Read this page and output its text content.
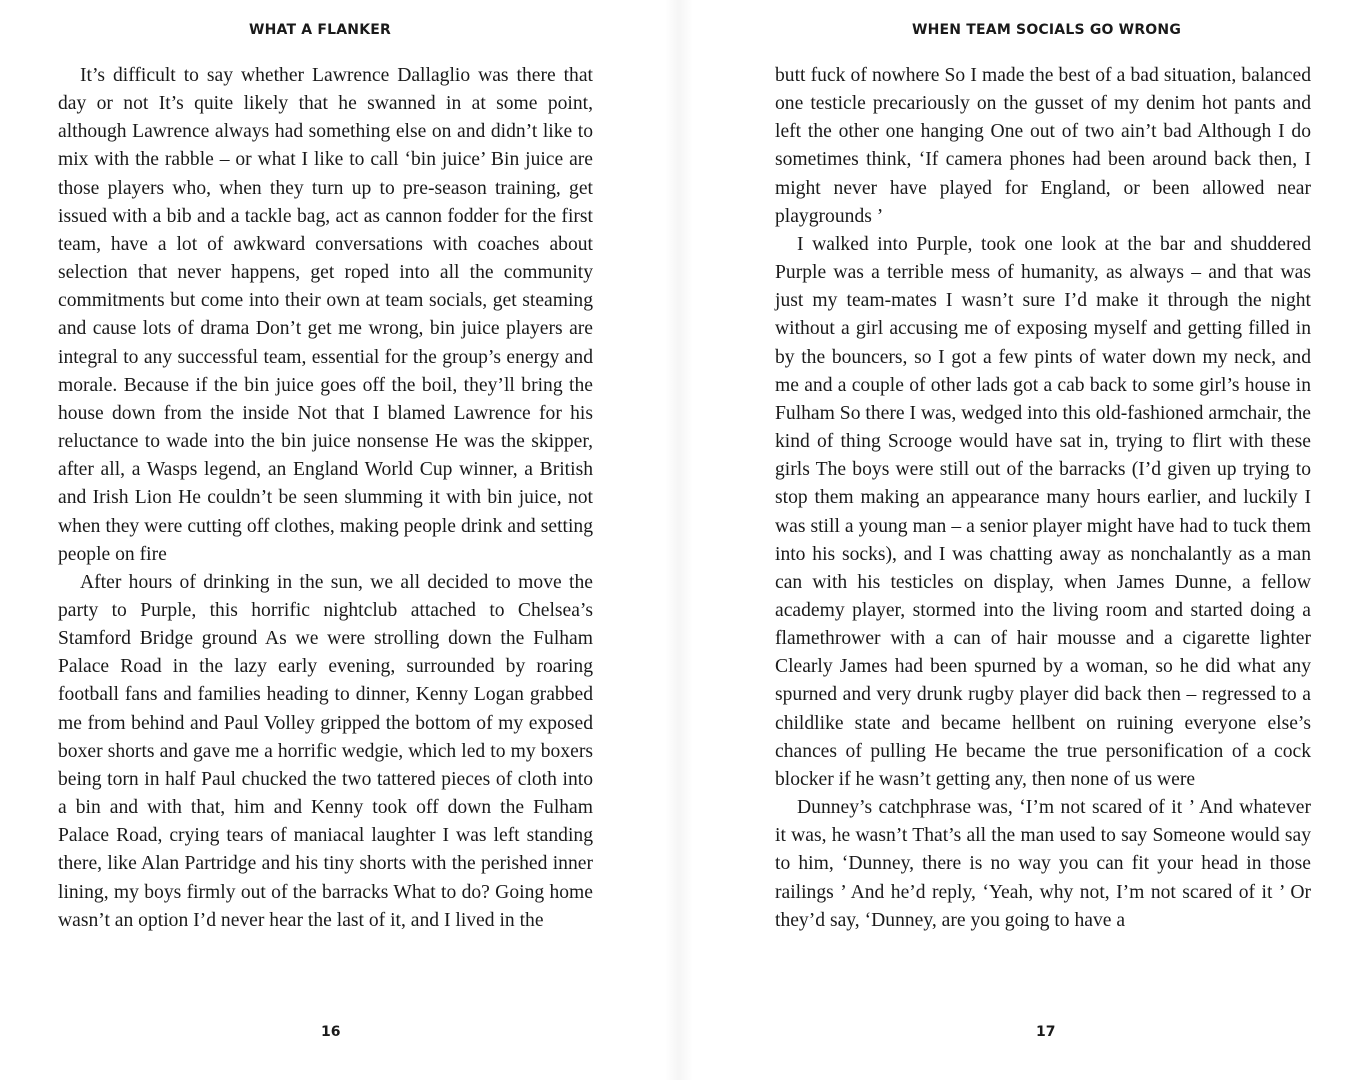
WHAT A FLANKER

It’s difficult to say whether Lawrence Dallaglio was there that day or not It’s quite likely that he swanned in at some point, although Lawrence always had something else on and didn’t like to mix with the rabble – or what I like to call ‘bin juice’ Bin juice are those players who, when they turn up to pre-season training, get issued with a bib and a tackle bag, act as cannon fodder for the first team, have a lot of awkward conversations with coaches about selection that never happens, get roped into all the community commitments but come into their own at team socials, get steaming and cause lots of drama Don’t get me wrong, bin juice players are integral to any successful team, essential for the group’s energy and morale. Because if the bin juice goes off the boil, they’ll bring the house down from the inside Not that I blamed Lawrence for his reluctance to wade into the bin juice nonsense He was the skipper, after all, a Wasps legend, an England World Cup winner, a British and Irish Lion He couldn’t be seen slumming it with bin juice, not when they were cutting off clothes, making people drink and setting people on fire

After hours of drinking in the sun, we all decided to move the party to Purple, this horrific nightclub attached to Chelsea’s Stamford Bridge ground As we were strolling down the Fulham Palace Road in the lazy early evening, surrounded by roaring football fans and families heading to dinner, Kenny Logan grabbed me from behind and Paul Volley gripped the bottom of my exposed boxer shorts and gave me a horrific wedgie, which led to my boxers being torn in half Paul chucked the two tattered pieces of cloth into a bin and with that, him and Kenny took off down the Fulham Palace Road, crying tears of maniacal laughter I was left standing there, like Alan Partridge and his tiny shorts with the perished inner lining, my boys firmly out of the barracks What to do? Going home wasn’t an option I’d never hear the last of it, and I lived in the

16
WHEN TEAM SOCIALS GO WRONG

butt fuck of nowhere So I made the best of a bad situation, balanced one testicle precariously on the gusset of my denim hot pants and left the other one hanging One out of two ain’t bad Although I do sometimes think, ‘If camera phones had been around back then, I might never have played for England, or been allowed near playgrounds ’

I walked into Purple, took one look at the bar and shuddered Purple was a terrible mess of humanity, as always – and that was just my team-mates I wasn’t sure I’d make it through the night without a girl accusing me of exposing myself and getting filled in by the bouncers, so I got a few pints of water down my neck, and me and a couple of other lads got a cab back to some girl’s house in Fulham So there I was, wedged into this old-fashioned armchair, the kind of thing Scrooge would have sat in, trying to flirt with these girls The boys were still out of the barracks (I’d given up trying to stop them making an appearance many hours earlier, and luckily I was still a young man – a senior player might have had to tuck them into his socks), and I was chatting away as nonchalantly as a man can with his testicles on display, when James Dunne, a fellow academy player, stormed into the living room and started doing a flamethrower with a can of hair mousse and a cigarette lighter Clearly James had been spurned by a woman, so he did what any spurned and very drunk rugby player did back then – regressed to a childlike state and became hellbent on ruining everyone else’s chances of pulling He became the true personification of a cock blocker if he wasn’t getting any, then none of us were

Dunney’s catchphrase was, ‘I’m not scared of it ’ And whatever it was, he wasn’t That’s all the man used to say Someone would say to him, ‘Dunney, there is no way you can fit your head in those railings ’ And he’d reply, ‘Yeah, why not, I’m not scared of it ’ Or they’d say, ‘Dunney, are you going to have a

17
